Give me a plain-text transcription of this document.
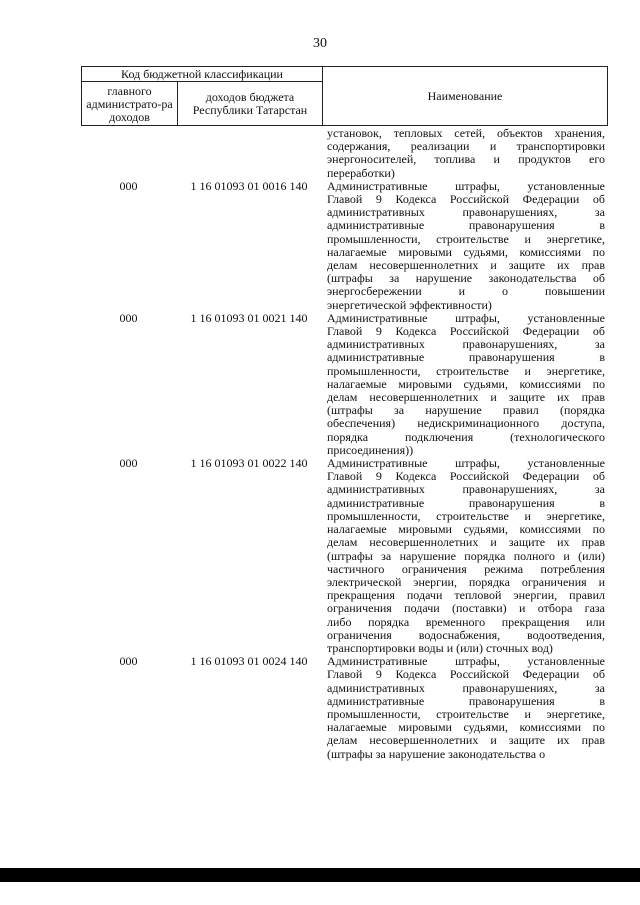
30
Код бюджетной классификации
главного администрато-ра доходов
доходов бюджета Республики Татарстан
Наименование
установок, тепловых сетей, объектов хранения,
содержания, реализации и транспортировки
энергоносителей, топлива и продуктов его
переработки)
000	1 16 01093 01 0016 140	Административные штрафы, установленные
Главой 9 Кодекса Российской Федерации об
административных правонарушениях, за
административные правонарушения в
промышленности, строительстве и энергетике,
налагаемые мировыми судьями, комиссиями по
делам несовершеннолетних и защите их прав
(штрафы за нарушение законодательства об
энергосбережении и о повышении
энергетической эффективности)
000	1 16 01093 01 0021 140	Административные штрафы, установленные
Главой 9 Кодекса Российской Федерации об
административных правонарушениях, за
административные правонарушения в
промышленности, строительстве и энергетике,
налагаемые мировыми судьями, комиссиями по
делам несовершеннолетних и защите их прав
(штрафы за нарушение правил (порядка
обеспечения) недискриминационного доступа,
порядка подключения (технологического
присоединения))
000	1 16 01093 01 0022 140	Административные штрафы, установленные
Главой 9 Кодекса Российской Федерации об
административных правонарушениях, за
административные правонарушения в
промышленности, строительстве и энергетике,
налагаемые мировыми судьями, комиссиями по
делам несовершеннолетних и защите их прав
(штрафы за нарушение порядка полного и (или)
частичного ограничения режима потребления
электрической энергии, порядка ограничения и
прекращения подачи тепловой энергии, правил
ограничения подачи (поставки) и отбора газа
либо порядка временного прекращения или
ограничения водоснабжения, водоотведения,
транспортировки воды и (или) сточных вод)
000	1 16 01093 01 0024 140	Административные штрафы, установленные
Главой 9 Кодекса Российской Федерации об
административных правонарушениях, за
административные правонарушения в
промышленности, строительстве и энергетике,
налагаемые мировыми судьями, комиссиями по
делам несовершеннолетних и защите их прав
(штрафы за нарушение законодательства о
